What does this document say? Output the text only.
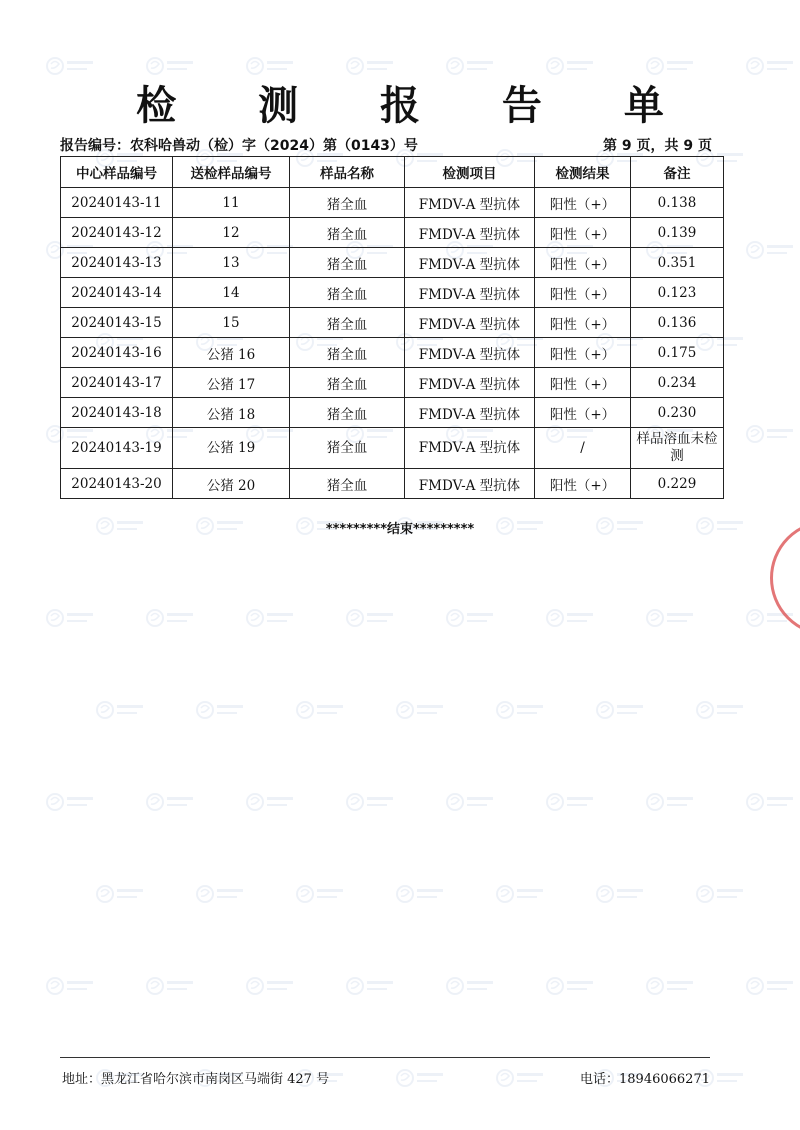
检 测 报 告 单
报告编号：农科哈兽动（检）字（2024）第（0143）号	第 9 页，共 9 页
中心样品编号	送检样品编号	样品名称	检测项目	检测结果	备注
20240143-11	11	猪全血	FMDV-A 型抗体	阳性（+）	0.138
20240143-12	12	猪全血	FMDV-A 型抗体	阳性（+）	0.139
20240143-13	13	猪全血	FMDV-A 型抗体	阳性（+）	0.351
20240143-14	14	猪全血	FMDV-A 型抗体	阳性（+）	0.123
20240143-15	15	猪全血	FMDV-A 型抗体	阳性（+）	0.136
20240143-16	公猪 16	猪全血	FMDV-A 型抗体	阳性（+）	0.175
20240143-17	公猪 17	猪全血	FMDV-A 型抗体	阳性（+）	0.234
20240143-18	公猪 18	猪全血	FMDV-A 型抗体	阳性（+）	0.230
20240143-19	公猪 19	猪全血	FMDV-A 型抗体	/	样品溶血未检测
20240143-20	公猪 20	猪全血	FMDV-A 型抗体	阳性（+）	0.229
*********结束*********
地址：黑龙江省哈尔滨市南岗区马端街 427 号	电话：18946066271
